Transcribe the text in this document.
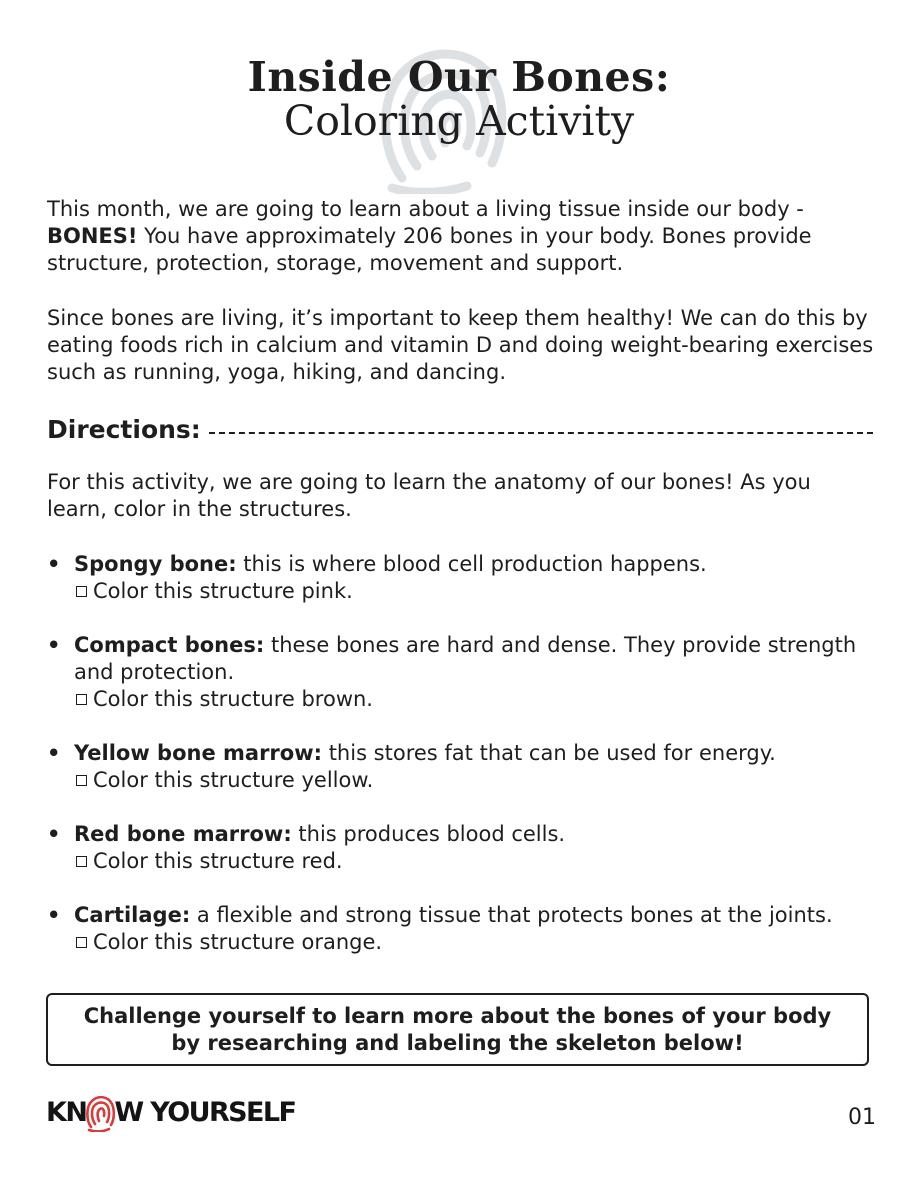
Inside Our Bones:
Coloring Activity

This month, we are going to learn about a living tissue inside our body - BONES! You have approximately 206 bones in your body. Bones provide structure, protection, storage, movement and support.

Since bones are living, it’s important to keep them healthy! We can do this by eating foods rich in calcium and vitamin D and doing weight-bearing exercises such as running, yoga, hiking, and dancing.

Directions:

For this activity, we are going to learn the anatomy of our bones! As you learn, color in the structures.

• Spongy bone: this is where blood cell production happens.
Color this structure pink.
• Compact bones: these bones are hard and dense. They provide strength and protection.
Color this structure brown.
• Yellow bone marrow: this stores fat that can be used for energy.
Color this structure yellow.
• Red bone marrow: this produces blood cells.
Color this structure red.
• Cartilage: a flexible and strong tissue that protects bones at the joints.
Color this structure orange.
Challenge yourself to learn more about the bones of your body by researching and labeling the skeleton below!
KN W YOURSELF	01
